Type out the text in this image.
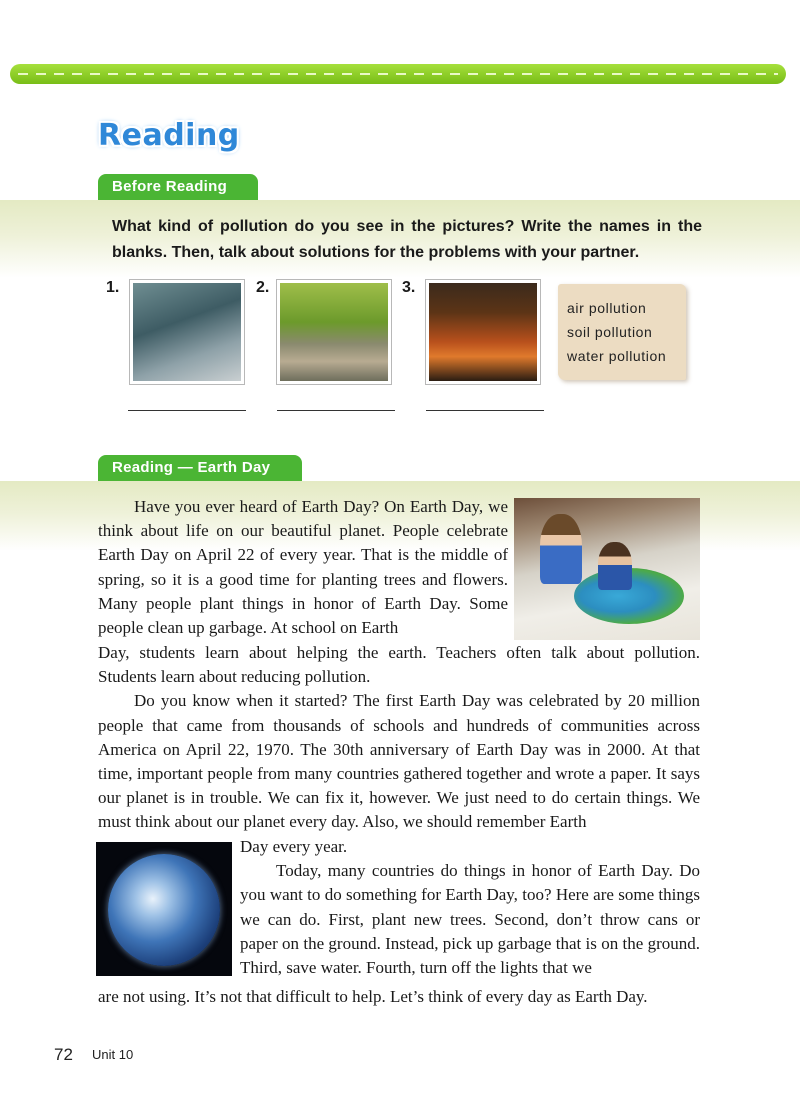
Reading
Before Reading
What kind of pollution do you see in the pictures? Write the names in the blanks. Then, talk about solutions for the problems with your partner.
1.	2.	3.
air pollution
soil pollution
water pollution
Reading — Earth Day
Have you ever heard of Earth Day? On Earth Day, we think about life on our beautiful planet. People celebrate Earth Day on April 22 of every year. That is the middle of spring, so it is a good time for planting trees and flowers. Many people plant things in honor of Earth Day. Some people clean up garbage. At school on Earth
Day, students learn about helping the earth. Teachers often talk about pollution. Students learn about reducing pollution.
Do you know when it started? The first Earth Day was celebrated by 20 million people that came from thousands of schools and hundreds of communities across America on April 22, 1970. The 30th anniversary of Earth Day was in 2000. At that time, important people from many countries gathered together and wrote a paper. It says our planet is in trouble. We can fix it, however. We just need to do certain things. We must think about our planet every day. Also, we should remember Earth
Day every year.
Today, many countries do things in honor of Earth Day. Do you want to do something for Earth Day, too? Here are some things we can do. First, plant new trees. Second, don’t throw cans or paper on the ground. Instead, pick up garbage that is on the ground. Third, save water. Fourth, turn off the lights that we
are not using. It’s not that difficult to help. Let’s think of every day as Earth Day.
72 Unit 10
